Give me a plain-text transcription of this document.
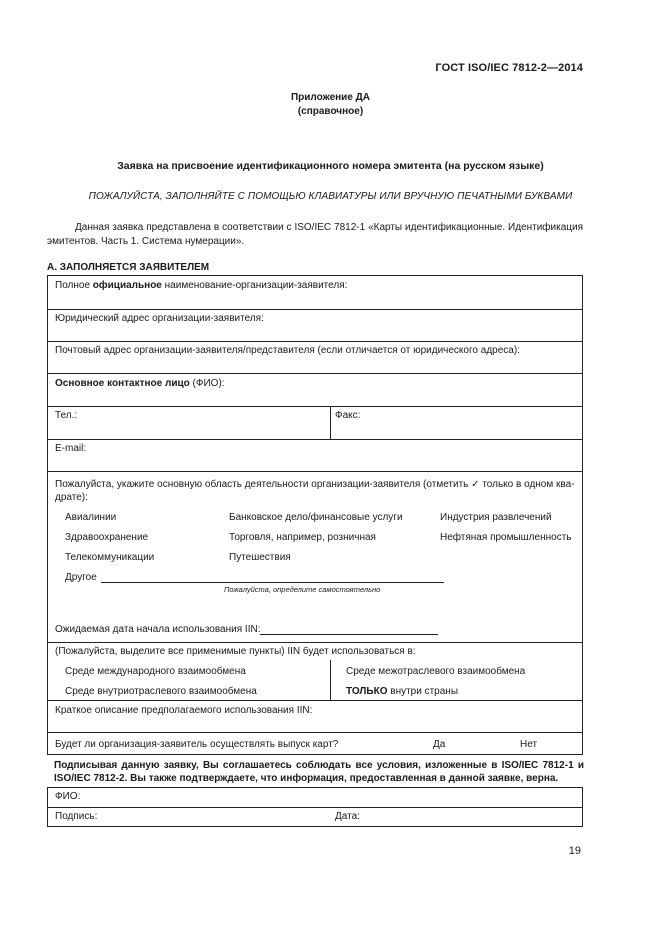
ГОСТ ISO/IEC 7812-2—2014
Приложение ДА
(справочное)
Заявка на присвоение идентификационного номера эмитента (на русском языке)
ПОЖАЛУЙСТА, ЗАПОЛНЯЙТЕ С ПОМОЩЬЮ КЛАВИАТУРЫ ИЛИ ВРУЧНУЮ ПЕЧАТНЫМИ БУКВАМИ
Данная заявка представлена в соответствии с ISO/IEC 7812-1 «Карты идентификационные. Идентификация эмитентов. Часть 1. Система нумерации».
A. ЗАПОЛНЯЕТСЯ ЗАЯВИТЕЛЕМ
Полное официальное наименование-организации-заявителя:
Юридический адрес организации-заявителя:
Почтовый адрес организации-заявителя/представителя (если отличается от юридического адреса):
Основное контактное лицо (ФИО):
Тел.:	Факс:
E-mail:
Пожалуйста, укажите основную область деятельности организации-заявителя (отметить ✓ только в одном ква-
драте):
Авиалинии	Банковское дело/финансовые услуги	Индустрия развлечений
Здравоохранение	Торговля, например, розничная	Нефтяная промышленность
Телекоммуникации	Путешествия
Другое
Пожалуйста, определите самостоятельно
Ожидаемая дата начала использования IIN:
(Пожалуйста, выделите все применимые пункты) IIN будет использоваться в:
Среде международного взаимообмена	Среде межотраслевого взаимообмена
Среде внутриотраслевого взаимообмена	ТОЛЬКО внутри страны
Краткое описание предполагаемого использования IIN:
Будет ли организация-заявитель осуществлять выпуск карт?	Да	Нет
Подписывая данную заявку, Вы соглашаетесь соблюдать все условия, изложенные в ISO/IEC 7812-1 и ISO/IEC 7812-2. Вы также подтверждаете, что информация, предоставленная в данной заявке, верна.
ФИО:
Подпись:	Дата:
19
